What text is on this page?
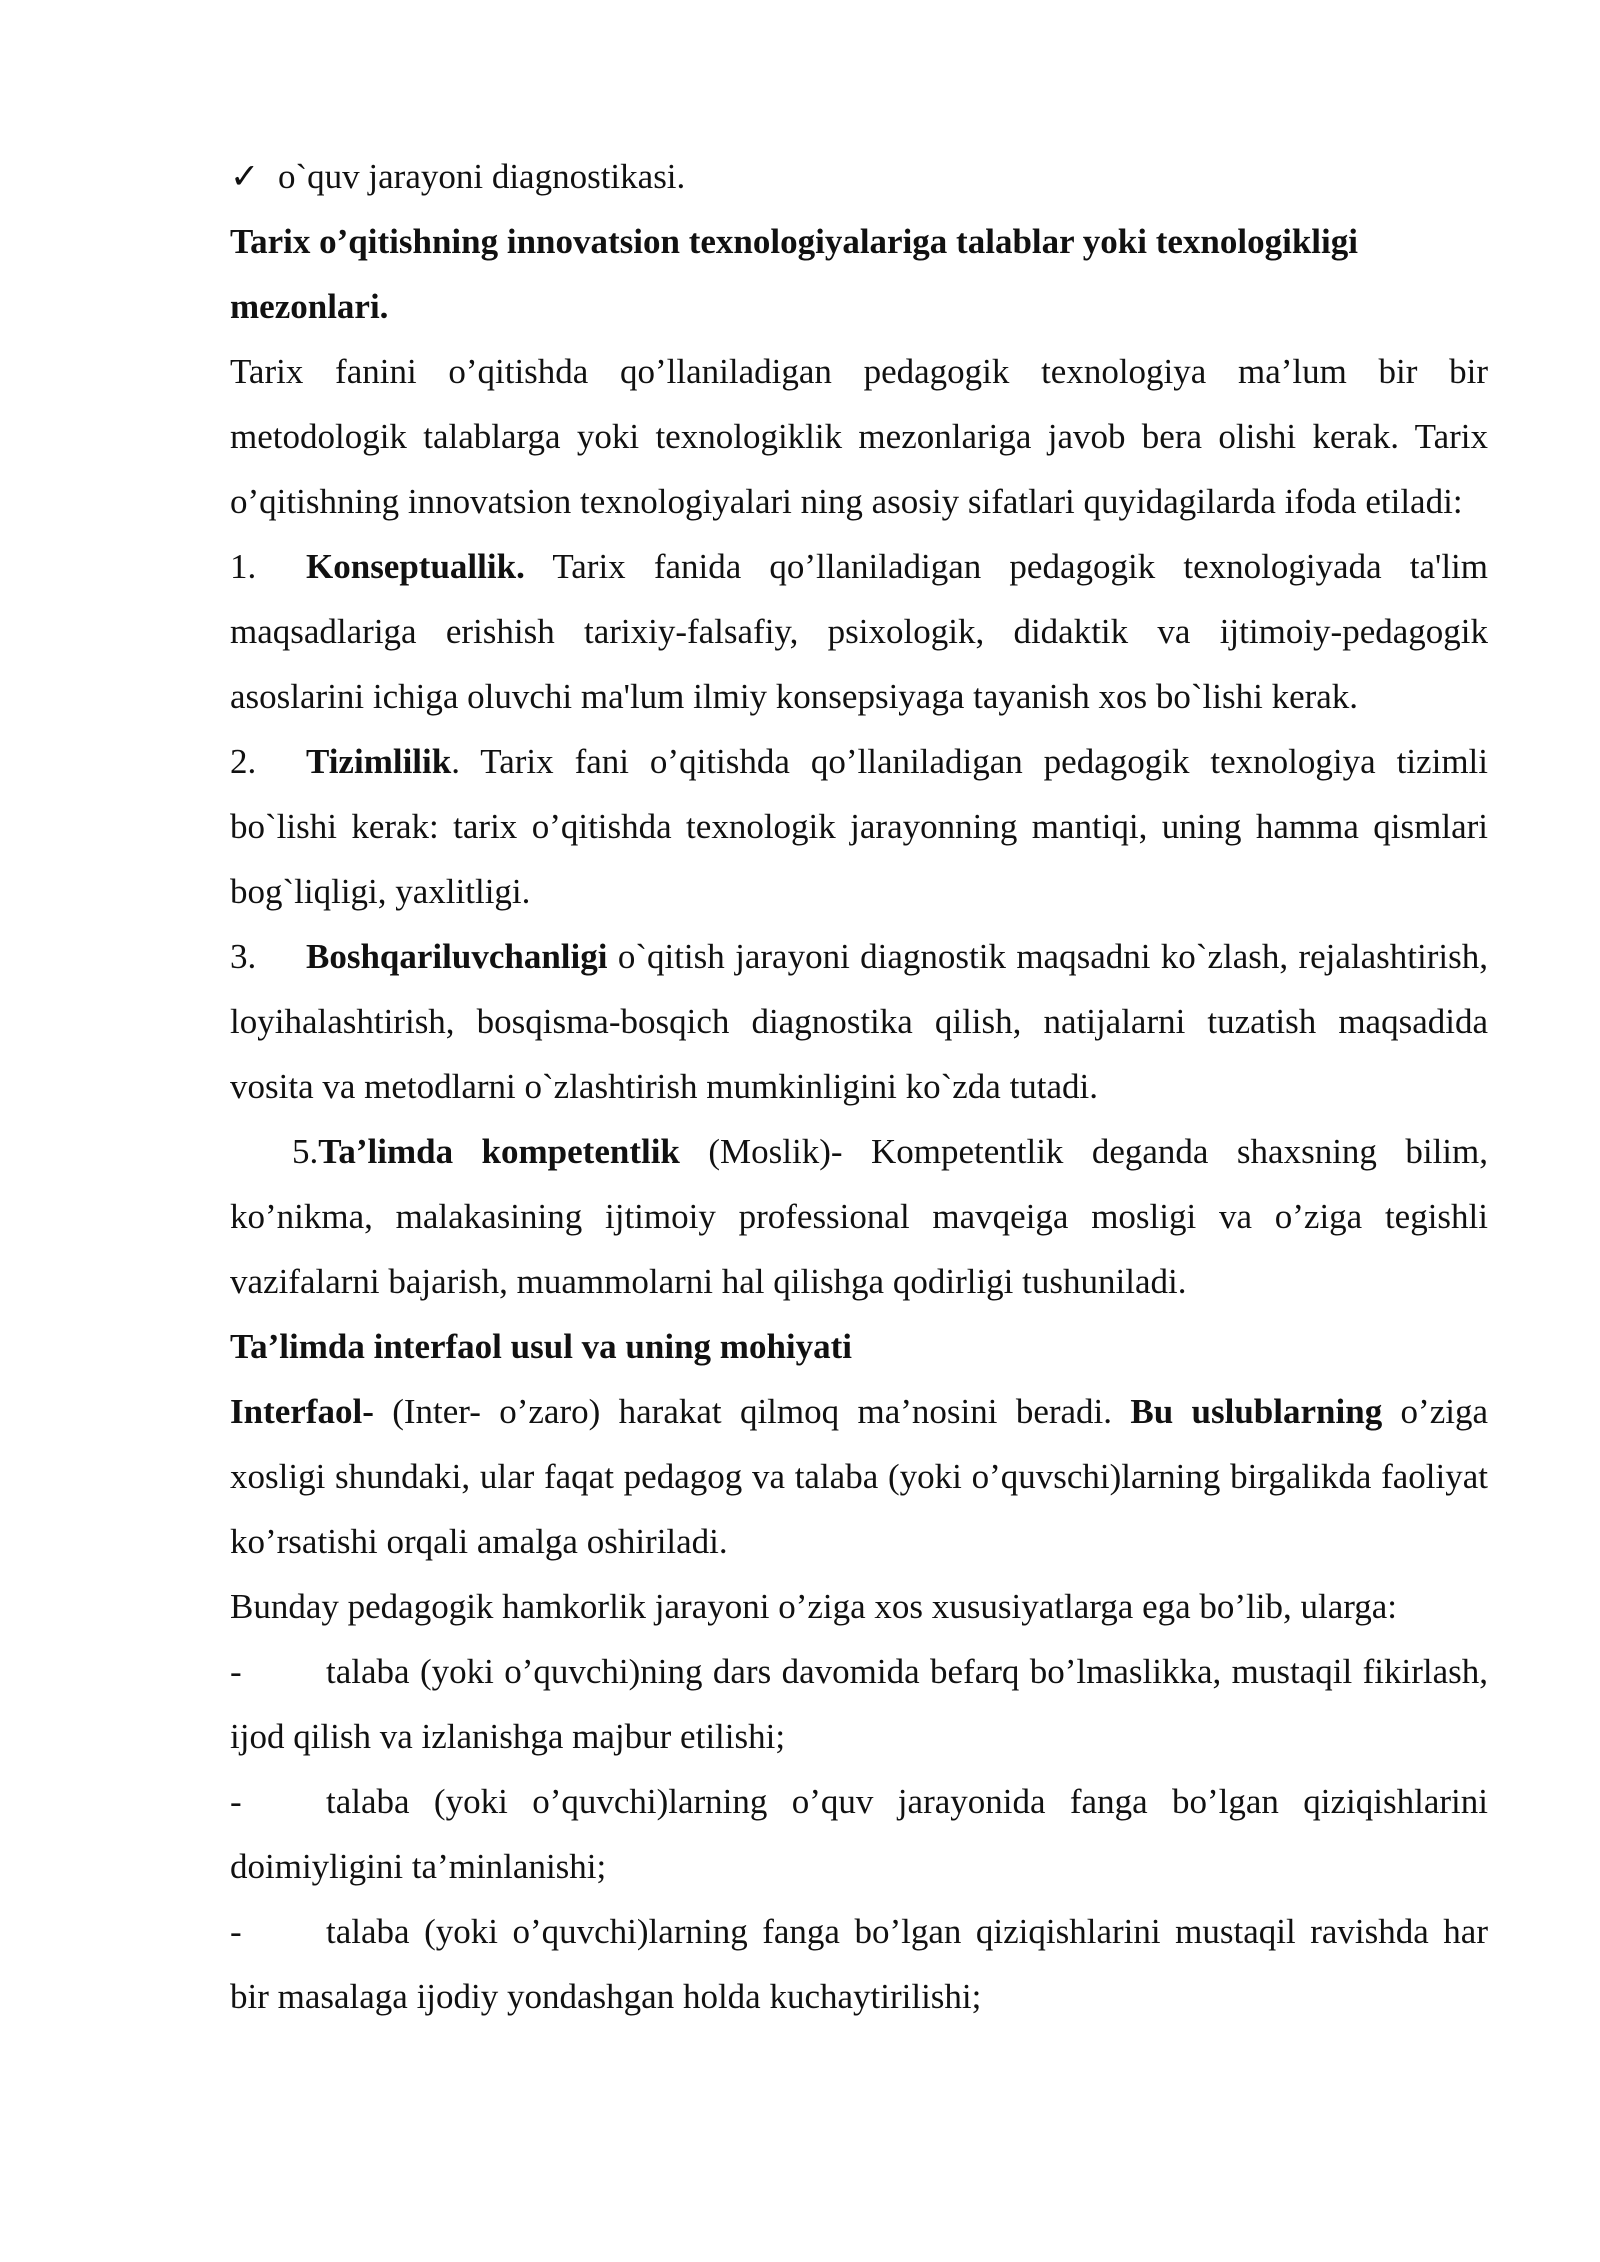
✓ o`quv jarayoni diagnostikasi.

Tarix o’qitishning innovatsion texnologiyalariga talablar yoki texnologikligi mezonlari.

Tarix fanini o’qitishda qo’llaniladigan pedagogik texnologiya ma’lum bir bir metodologik talablarga yoki texnologiklik mezonlariga javob bera olishi kerak. Tarix o’qitishning innovatsion texnologiyalari ning asosiy sifatlari quyidagilarda ifoda etiladi:

1. Konseptuallik. Tarix fanida qo’llaniladigan pedagogik texnologiyada ta'lim maqsadlariga erishish tarixiy-falsafiy, psixologik, didaktik va ijtimoiy-pedagogik asoslarini ichiga oluvchi ma'lum ilmiy konsepsiyaga tayanish xos bo`lishi kerak.

2. Tizimlilik. Tarix fani o’qitishda qo’llaniladigan pedagogik texnologiya tizimli bo`lishi kerak: tarix o’qitishda texnologik jarayonning mantiqi, uning hamma qismlari bog`liqligi, yaxlitligi.

3. Boshqariluvchanligi o`qitish jarayoni diagnostik maqsadni ko`zlash, rejalashtirish, loyihalashtirish, bosqisma-bosqich diagnostika qilish, natijalarni tuzatish maqsadida vosita va metodlarni o`zlashtirish mumkinligini ko`zda tutadi.

5.Ta’limda kompetentlik (Moslik)- Kompetentlik deganda shaxsning bilim, ko’nikma, malakasining ijtimoiy professional mavqeiga mosligi va o’ziga tegishli vazifalarni bajarish, muammolarni hal qilishga qodirligi tushuniladi.

Ta’limda interfaol usul va uning mohiyati

Interfaol- (Inter- o’zaro) harakat qilmoq ma’nosini beradi. Bu uslublarning o’ziga xosligi shundaki, ular faqat pedagog va talaba (yoki o’quvschi)larning birgalikda faoliyat ko’rsatishi orqali amalga oshiriladi.

Bunday pedagogik hamkorlik jarayoni o’ziga xos xususiyatlarga ega bo’lib, ularga:

- talaba (yoki o’quvchi)ning dars davomida befarq bo’lmaslikka, mustaqil fikirlash, ijod qilish va izlanishga majbur etilishi;

- talaba (yoki o’quvchi)larning o’quv jarayonida fanga bo’lgan qiziqishlarini doimiyligini ta’minlanishi;

- talaba (yoki o’quvchi)larning fanga bo’lgan qiziqishlarini mustaqil ravishda har bir masalaga ijodiy yondashgan holda kuchaytirilishi;
